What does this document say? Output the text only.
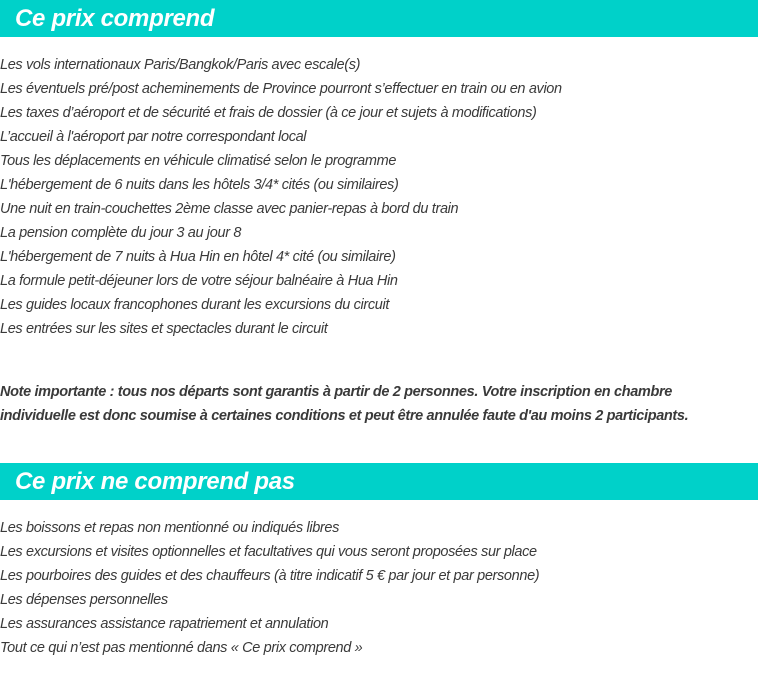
Ce prix comprend
Les vols internationaux Paris/Bangkok/Paris avec escale(s)
Les éventuels pré/post acheminements de Province pourront s’effectuer en train ou en avion
Les taxes d’aéroport et de sécurité et frais de dossier (à ce jour et sujets à modifications)
L’accueil à l'aéroport par notre correspondant local
Tous les déplacements en véhicule climatisé selon le programme
L'hébergement de 6 nuits dans les hôtels 3/4* cités (ou similaires)
Une nuit en train-couchettes 2ème classe avec panier-repas à bord du train
La pension complète du jour 3 au jour 8
L'hébergement de 7 nuits à Hua Hin en hôtel 4* cité (ou similaire)
La formule petit-déjeuner lors de votre séjour balnéaire à Hua Hin
Les guides locaux francophones durant les excursions du circuit
Les entrées sur les sites et spectacles durant le circuit

Note importante : tous nos départs sont garantis à partir de 2 personnes. Votre inscription en chambre individuelle est donc soumise à certaines conditions et peut être annulée faute d'au moins 2 participants.

Ce prix ne comprend pas
Les boissons et repas non mentionné ou indiqués libres
Les excursions et visites optionnelles et facultatives qui vous seront proposées sur place
Les pourboires des guides et des chauffeurs (à titre indicatif 5 € par jour et par personne)
Les dépenses personnelles
Les assurances assistance rapatriement et annulation
Tout ce qui n’est pas mentionné dans « Ce prix comprend »
